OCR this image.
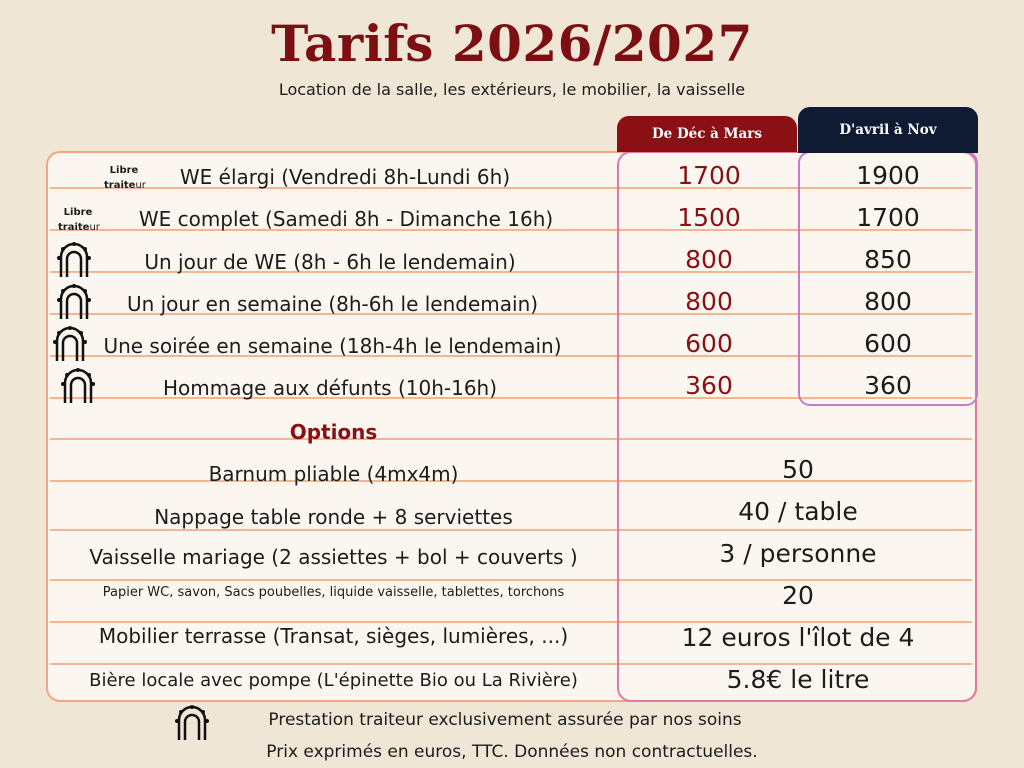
Tarifs 2026/2027
Location de la salle, les extérieurs, le mobilier, la vaisselle
De Déc à Mars	D'avril à Nov
Libre
traiteur
Libre
traiteur
WE élargi (Vendredi 8h-Lundi 6h)	1700	1900
WE complet (Samedi 8h - Dimanche 16h)	1500	1700
Un jour de WE (8h - 6h le lendemain)	800	850
Un jour en semaine (8h-6h le lendemain)	800	800
Une soirée en semaine (18h-4h le lendemain)	600	600
Hommage aux défunts (10h-16h)	360	360
Options
Barnum pliable (4mx4m)	50
Nappage table ronde + 8 serviettes	40 / table
Vaisselle mariage (2 assiettes + bol + couverts )	3 / personne
Papier WC, savon, Sacs poubelles, liquide vaisselle, tablettes, torchons	20
Mobilier terrasse (Transat, sièges, lumières, ...)	12 euros l'îlot de 4
Bière locale avec pompe (L'épinette Bio ou La Rivière)	5.8€ le litre
Prestation traiteur exclusivement assurée par nos soins
Prix exprimés en euros, TTC. Données non contractuelles.
